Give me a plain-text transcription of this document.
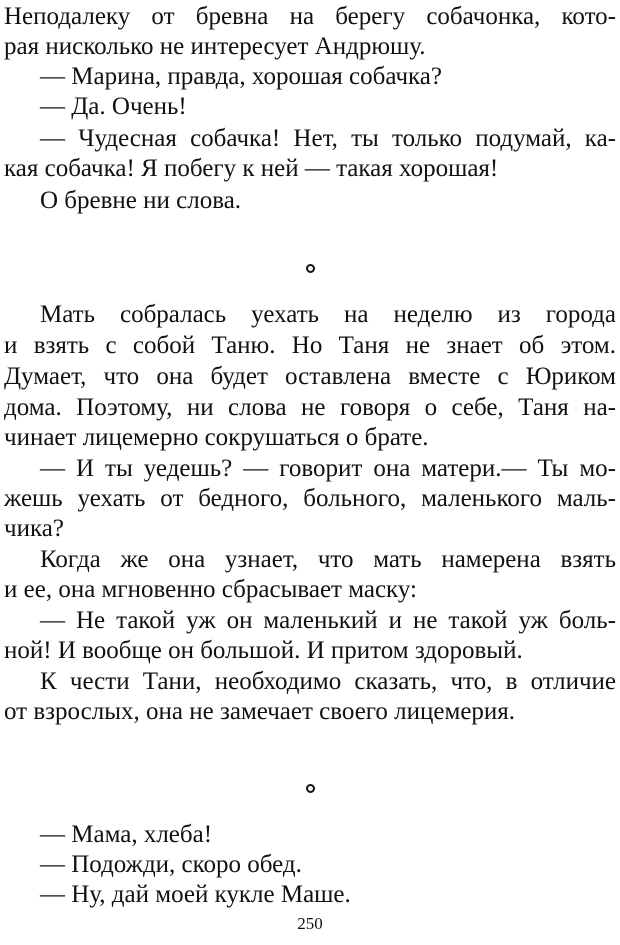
Неподалеку от бревна на берегу собачонка, кото-
рая нисколько не интересует Андрюшу.
— Марина, правда, хорошая собачка?
— Да. Очень!
— Чудесная собачка! Нет, ты только подумай, ка-
кая собачка! Я побегу к ней — такая хорошая!
О бревне ни слова.
Мать собралась уехать на неделю из города
и взять с собой Таню. Но Таня не знает об этом.
Думает, что она будет оставлена вместе с Юриком
дома. Поэтому, ни слова не говоря о себе, Таня на-
чинает лицемерно сокрушаться о брате.
— И ты уедешь? — говорит она матери.— Ты мо-
жешь уехать от бедного, больного, маленького маль-
чика?
Когда же она узнает, что мать намерена взять
и ее, она мгновенно сбрасывает маску:
— Не такой уж он маленький и не такой уж боль-
ной! И вообще он большой. И притом здоровый.
К чести Тани, необходимо сказать, что, в отличие
от взрослых, она не замечает своего лицемерия.
— Мама, хлеба!
— Подожди, скоро обед.
— Ну, дай моей кукле Маше.
250
